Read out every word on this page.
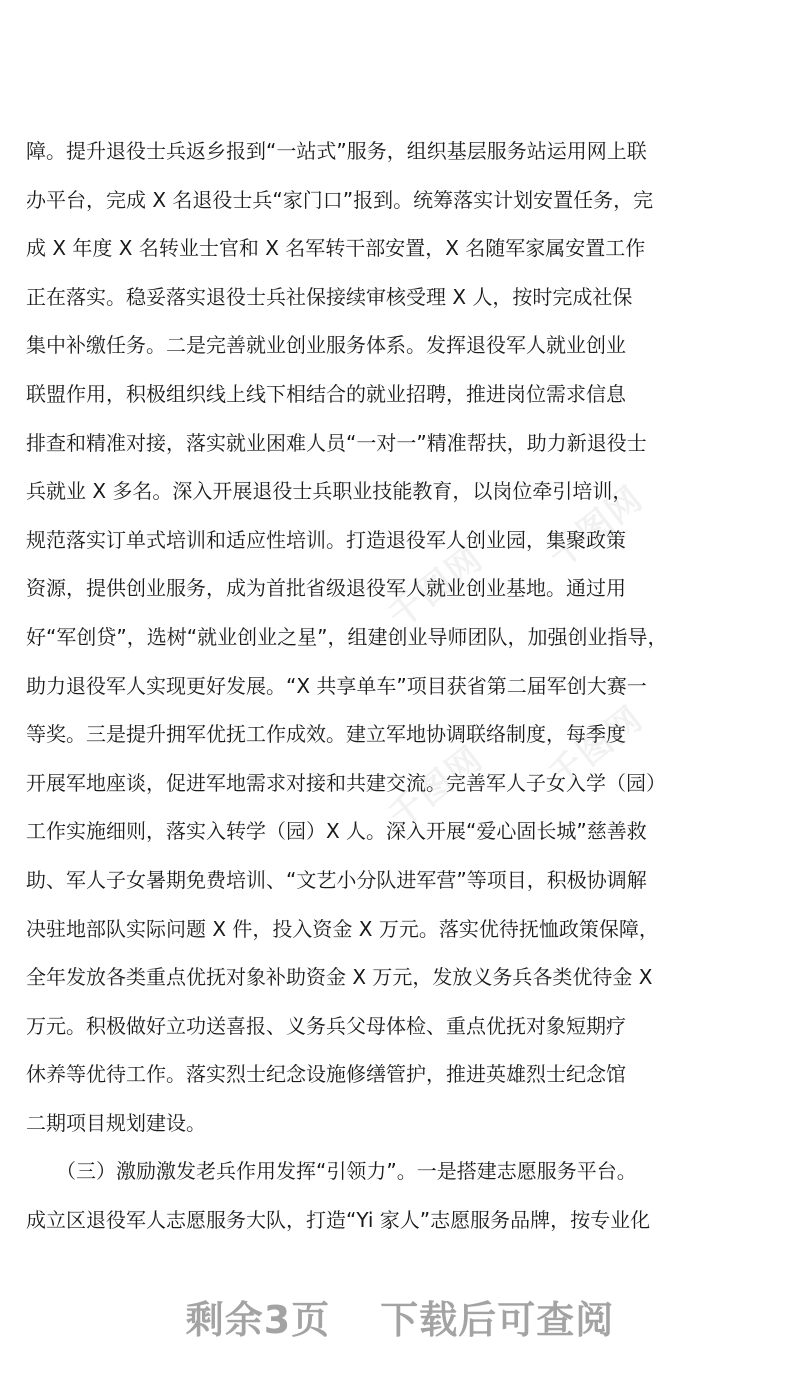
千图网
千图网
千图网 千图网
障。提升退役士兵返乡报到“一站式”服务，组织基层服务站运用网上联
办平台，完成 X 名退役士兵“家门口”报到。统筹落实计划安置任务，完
成 X 年度 X 名转业士官和 X 名军转干部安置，X 名随军家属安置工作
正在落实。稳妥落实退役士兵社保接续审核受理 X 人，按时完成社保
集中补缴任务。二是完善就业创业服务体系。发挥退役军人就业创业
联盟作用，积极组织线上线下相结合的就业招聘，推进岗位需求信息
排查和精准对接，落实就业困难人员“一对一”精准帮扶，助力新退役士
兵就业 X 多名。深入开展退役士兵职业技能教育，以岗位牵引培训，
规范落实订单式培训和适应性培训。打造退役军人创业园，集聚政策
资源，提供创业服务，成为首批省级退役军人就业创业基地。通过用
好“军创贷”，选树“就业创业之星”，组建创业导师团队，加强创业指导，
助力退役军人实现更好发展。“X 共享单车”项目获省第二届军创大赛一
等奖。三是提升拥军优抚工作成效。建立军地协调联络制度，每季度
开展军地座谈，促进军地需求对接和共建交流。完善军人子女入学（园）
工作实施细则，落实入转学（园）X 人。深入开展“爱心固长城”慈善救
助、军人子女暑期免费培训、“文艺小分队进军营”等项目，积极协调解
决驻地部队实际问题 X 件，投入资金 X 万元。落实优待抚恤政策保障，
全年发放各类重点优抚对象补助资金 X 万元，发放义务兵各类优待金 X
万元。积极做好立功送喜报、义务兵父母体检、重点优抚对象短期疗
休养等优待工作。落实烈士纪念设施修缮管护，推进英雄烈士纪念馆
二期项目规划建设。
　　（三）激励激发老兵作用发挥“引领力”。一是搭建志愿服务平台。
成立区退役军人志愿服务大队，打造“Yi 家人”志愿服务品牌，按专业化
剩余3页 下载后可查阅
